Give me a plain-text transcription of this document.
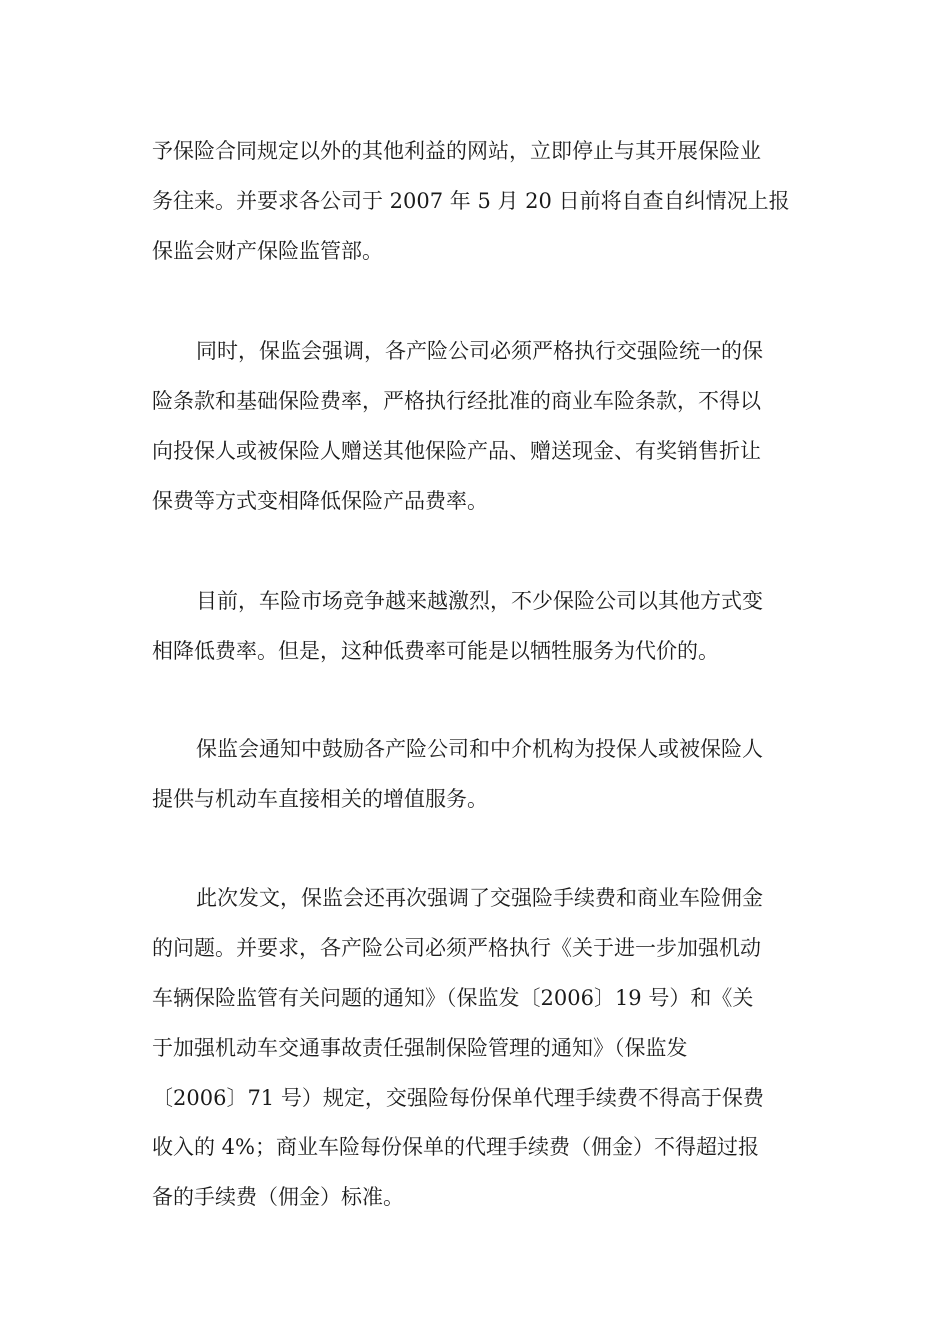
予保险合同规定以外的其他利益的网站，立即停止与其开展保险业
务往来。并要求各公司于 2007 年 5 月 20 日前将自查自纠情况上报
保监会财产保险监管部。
同时，保监会强调，各产险公司必须严格执行交强险统一的保
险条款和基础保险费率，严格执行经批准的商业车险条款，不得以
向投保人或被保险人赠送其他保险产品、赠送现金、有奖销售折让
保费等方式变相降低保险产品费率。
目前，车险市场竞争越来越激烈，不少保险公司以其他方式变
相降低费率。但是，这种低费率可能是以牺牲服务为代价的。
保监会通知中鼓励各产险公司和中介机构为投保人或被保险人
提供与机动车直接相关的增值服务。
此次发文，保监会还再次强调了交强险手续费和商业车险佣金
的问题。并要求，各产险公司必须严格执行《关于进一步加强机动
车辆保险监管有关问题的通知》（保监发〔2006〕19 号）和《关
于加强机动车交通事故责任强制保险管理的通知》（保监发
〔2006〕71 号）规定，交强险每份保单代理手续费不得高于保费
收入的 4%；商业车险每份保单的代理手续费（佣金）不得超过报
备的手续费（佣金）标准。
